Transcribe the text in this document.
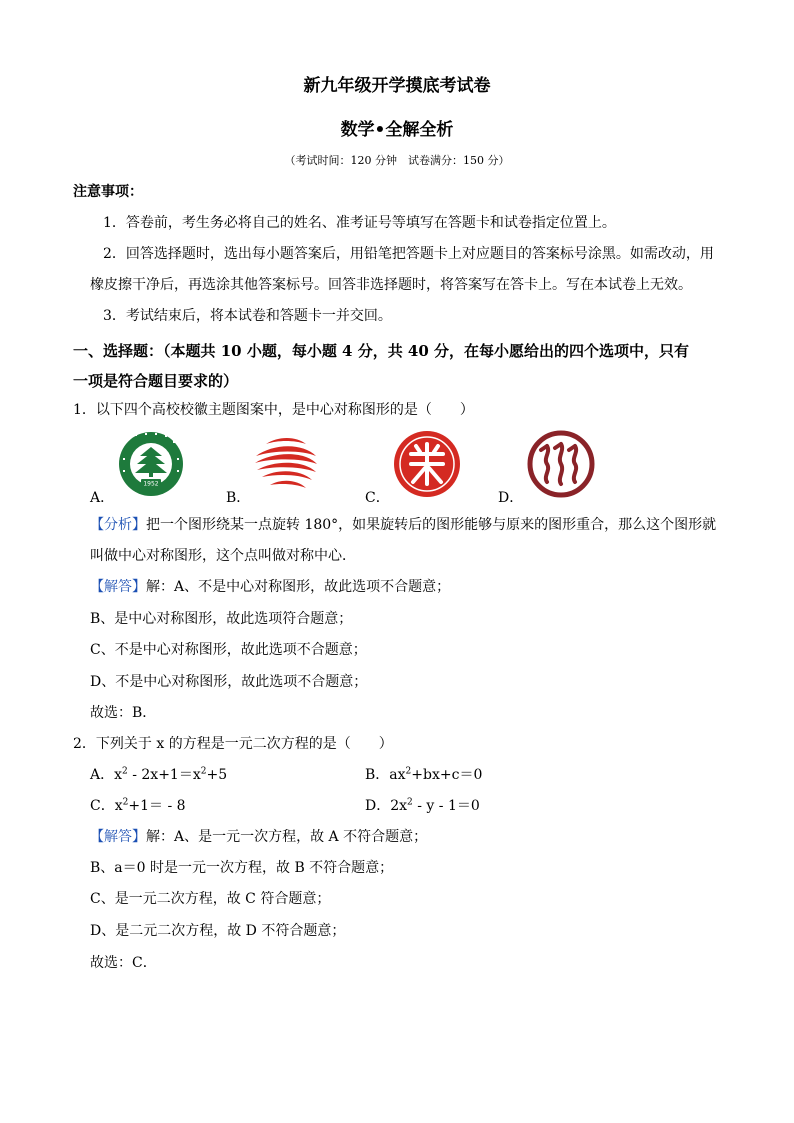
新九年级开学摸底考试卷
数学•全解全析
（考试时间：120 分钟　试卷满分：150 分）
注意事项：
1．答卷前，考生务必将自己的姓名、准考证号等填写在答题卡和试卷指定位置上。
2．回答选择题时，选出每小题答案后，用铅笔把答题卡上对应题目的答案标号涂黑。如需改动，用
橡皮擦干净后，再选涂其他答案标号。回答非选择题时，将答案写在答卡上。写在本试卷上无效。
3．考试结束后，将本试卷和答题卡一并交回。
一、选择题：（本题共 10 小题，每小题 4 分，共 40 分，在每小愿给出的四个选项中，只有
一项是符合题目要求的）
1．以下四个高校校徽主题图案中，是中心对称图形的是（　　）
A．	B．	C．	D．
1952
【分析】把一个图形绕某一点旋转 180°，如果旋转后的图形能够与原来的图形重合，那么这个图形就
叫做中心对称图形，这个点叫做对称中心．
【解答】解：A、不是中心对称图形，故此选项不合题意；
B、是中心对称图形，故此选项符合题意；
C、不是中心对称图形，故此选项不合题意；
D、不是中心对称图形，故此选项不合题意；
故选：B．
2．下列关于 x 的方程是一元二次方程的是（　　）
A．$x^2 - 2x+1=x^2+5$	B．$ax^2+bx+c=0$
C．$x^2+1= - 8$	D．$2x^2 - y - 1=0$
【解答】解：A、是一元一次方程，故 A 不符合题意；
B、a＝0 时是一元一次方程，故 B 不符合题意；
C、是一元二次方程，故 C 符合题意；
D、是二元二次方程，故 D 不符合题意；
故选：C．
